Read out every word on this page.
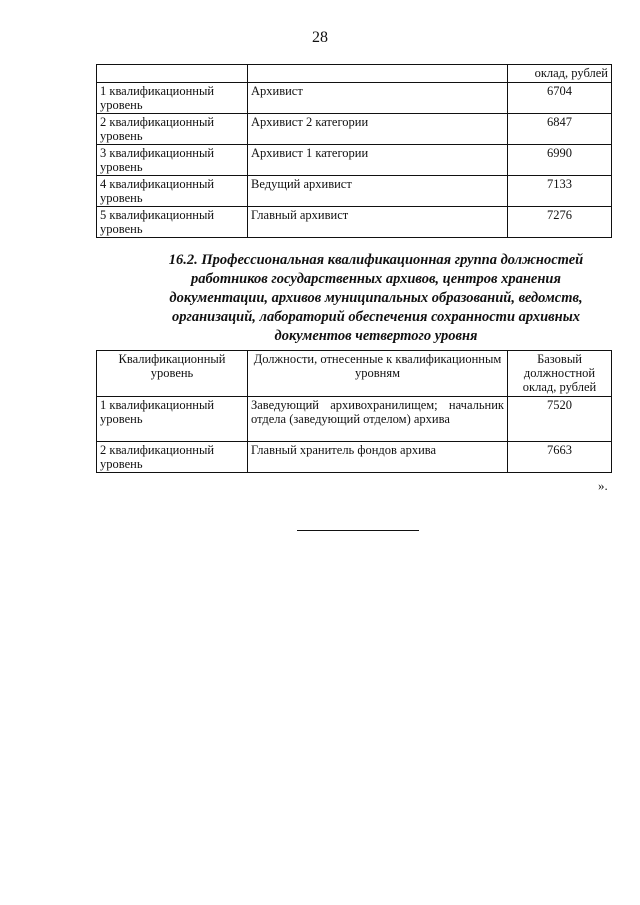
28
		оклад, рублей
1 квалификационный уровень	Архивист	6704
2 квалификационный уровень	Архивист 2 категории	6847
3 квалификационный уровень	Архивист 1 категории	6990
4 квалификационный уровень	Ведущий архивист	7133
5 квалификационный уровень	Главный архивист	7276
16.2. Профессиональная квалификационная группа должностей работников государственных архивов, центров хранения документации, архивов муниципальных образований, ведомств, организаций, лабораторий обеспечения сохранности архивных документов четвертого уровня
Квалификационный уровень	Должности, отнесенные к квалификационным уровням	Базовый должностной оклад, рублей
1 квалификационный уровень	Заведующий архивохранилищем; начальник отдела (заведующий отделом) архива	7520
2 квалификационный уровень	Главный хранитель фондов архива	7663
».
